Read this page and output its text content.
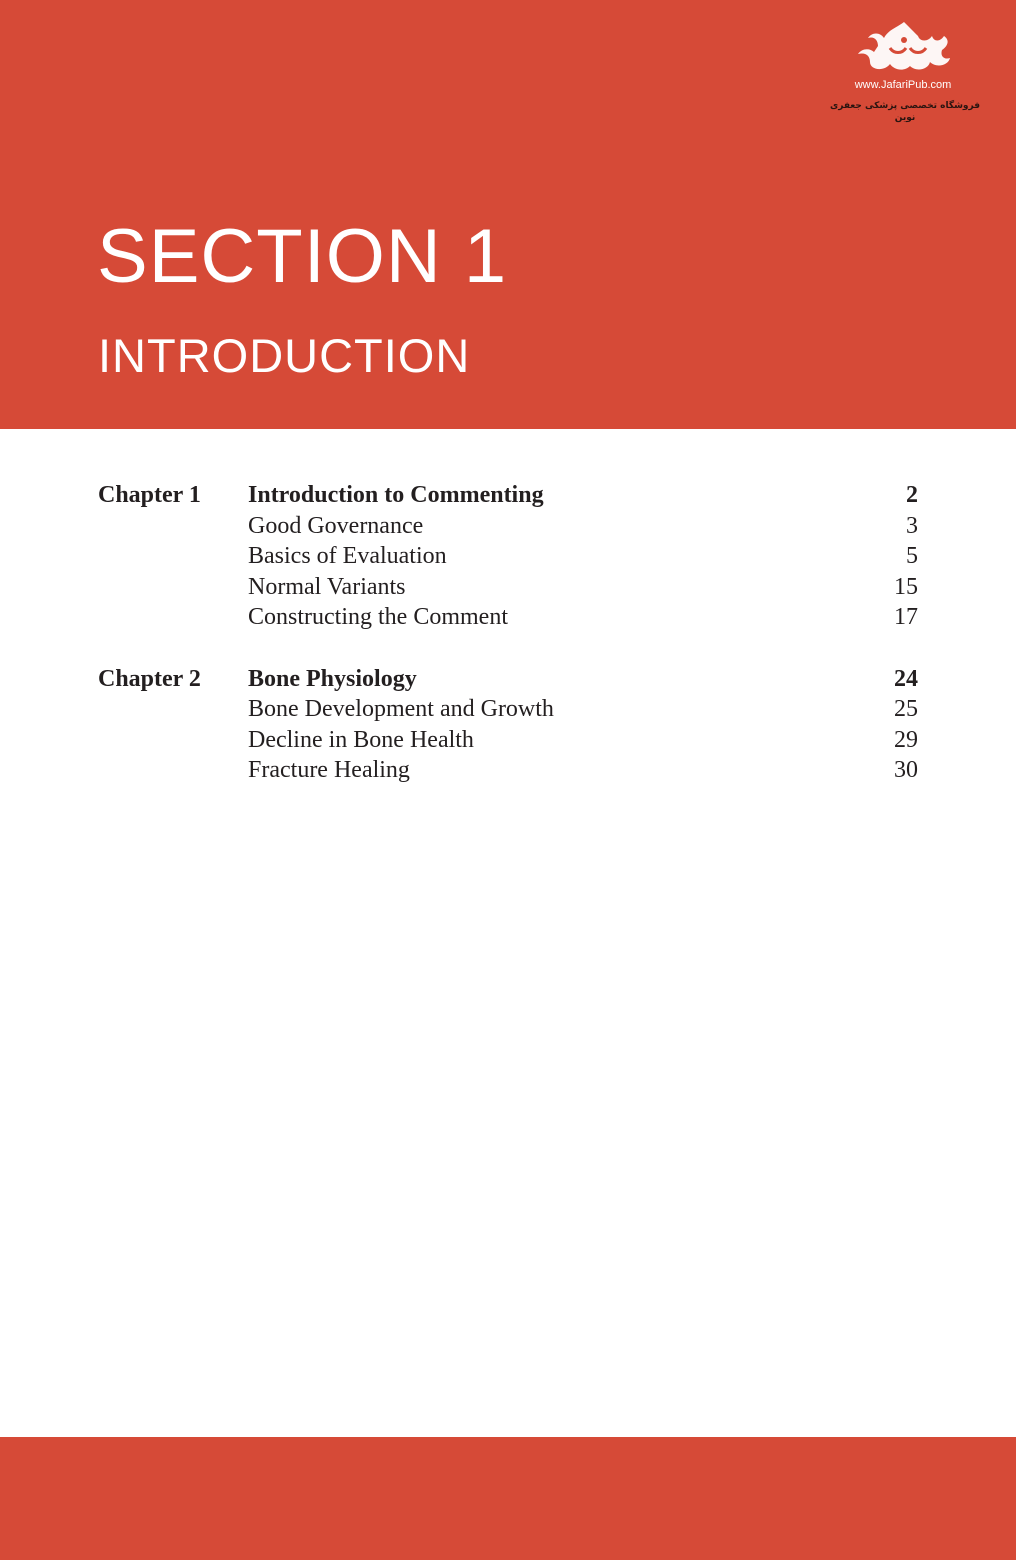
www.JafariPub.com
فروشگاه تخصصی پزشکی جعفری نوین
SECTION 1
INTRODUCTION
Chapter 1 Introduction to Commenting	2
Good Governance	3
Basics of Evaluation	5
Normal Variants	15
Constructing the Comment	17
Chapter 2 Bone Physiology	24
Bone Development and Growth	25
Decline in Bone Health	29
Fracture Healing	30
